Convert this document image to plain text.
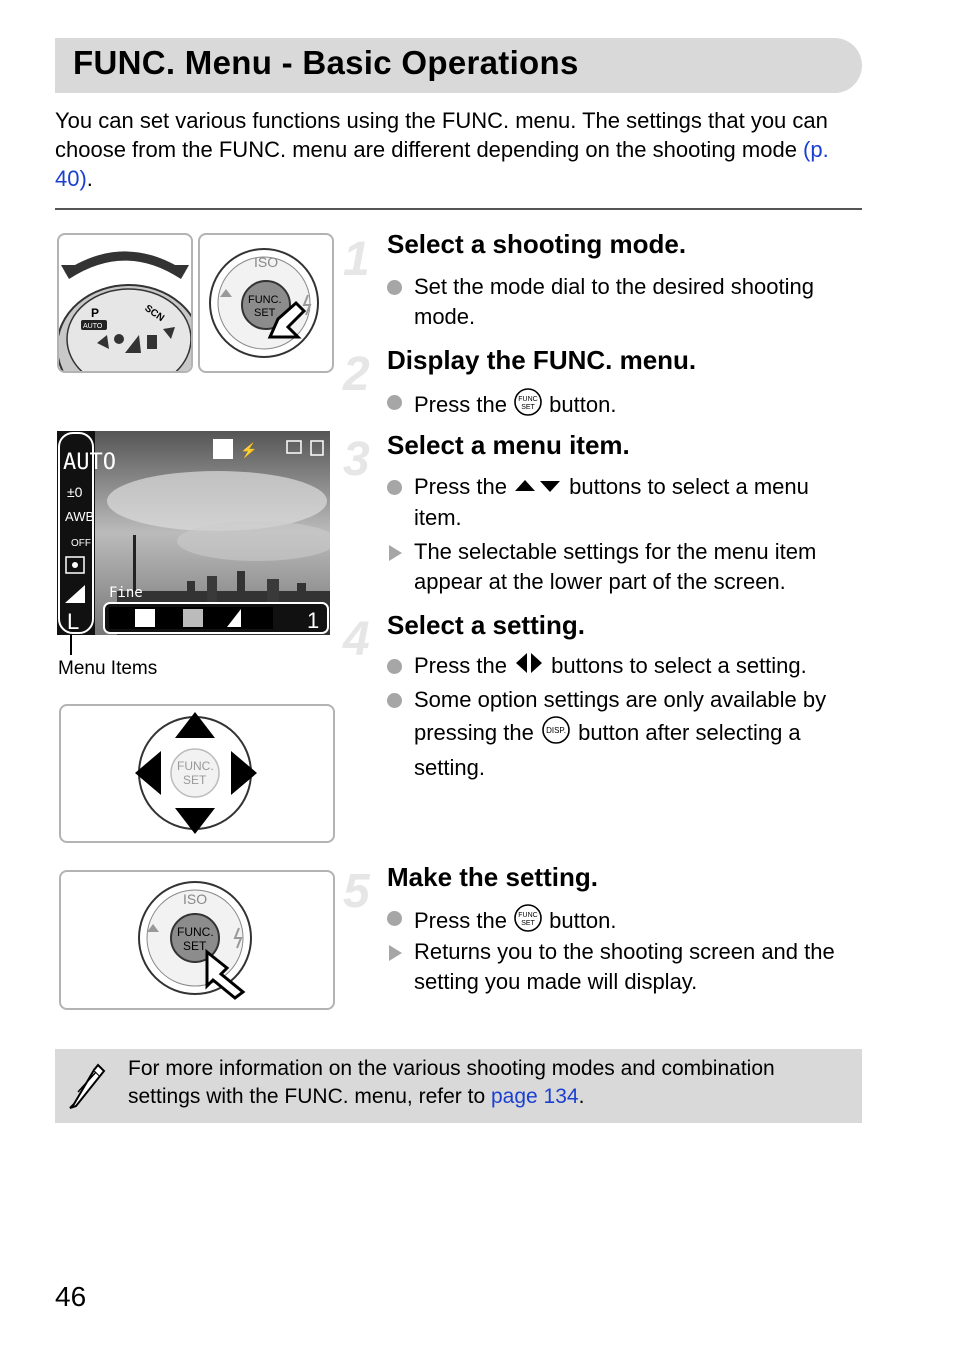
FUNC. Menu - Basic Operations
You can set various functions using the FUNC. menu. The settings that you can choose from the FUNC. menu are different depending on the shooting mode (p. 40).
P	SCN
AUTO
ISO
FUNC.
SET
AUTO
±0
AWB
OFF
L
Fine
⚡
1
Menu Items
FUNC.
SET
ISO
FUNC.
SET
1 Select a shooting mode.
Set the mode dial to the desired shooting mode.
2 Display the FUNC. menu.
Press the FUNC
SET button.
3 Select a menu item.
Press the  buttons to select a menu item.
The selectable settings for the menu item appear at the lower part of the screen.
4 Select a setting.
Press the  buttons to select a setting.
Some option settings are only available by pressing the DISP. button after selecting a setting.
5 Make the setting.
Press the FUNC
SET button.
Returns you to the shooting screen and the setting you made will display.
For more information on the various shooting modes and combination settings with the FUNC. menu, refer to page 134.
46
